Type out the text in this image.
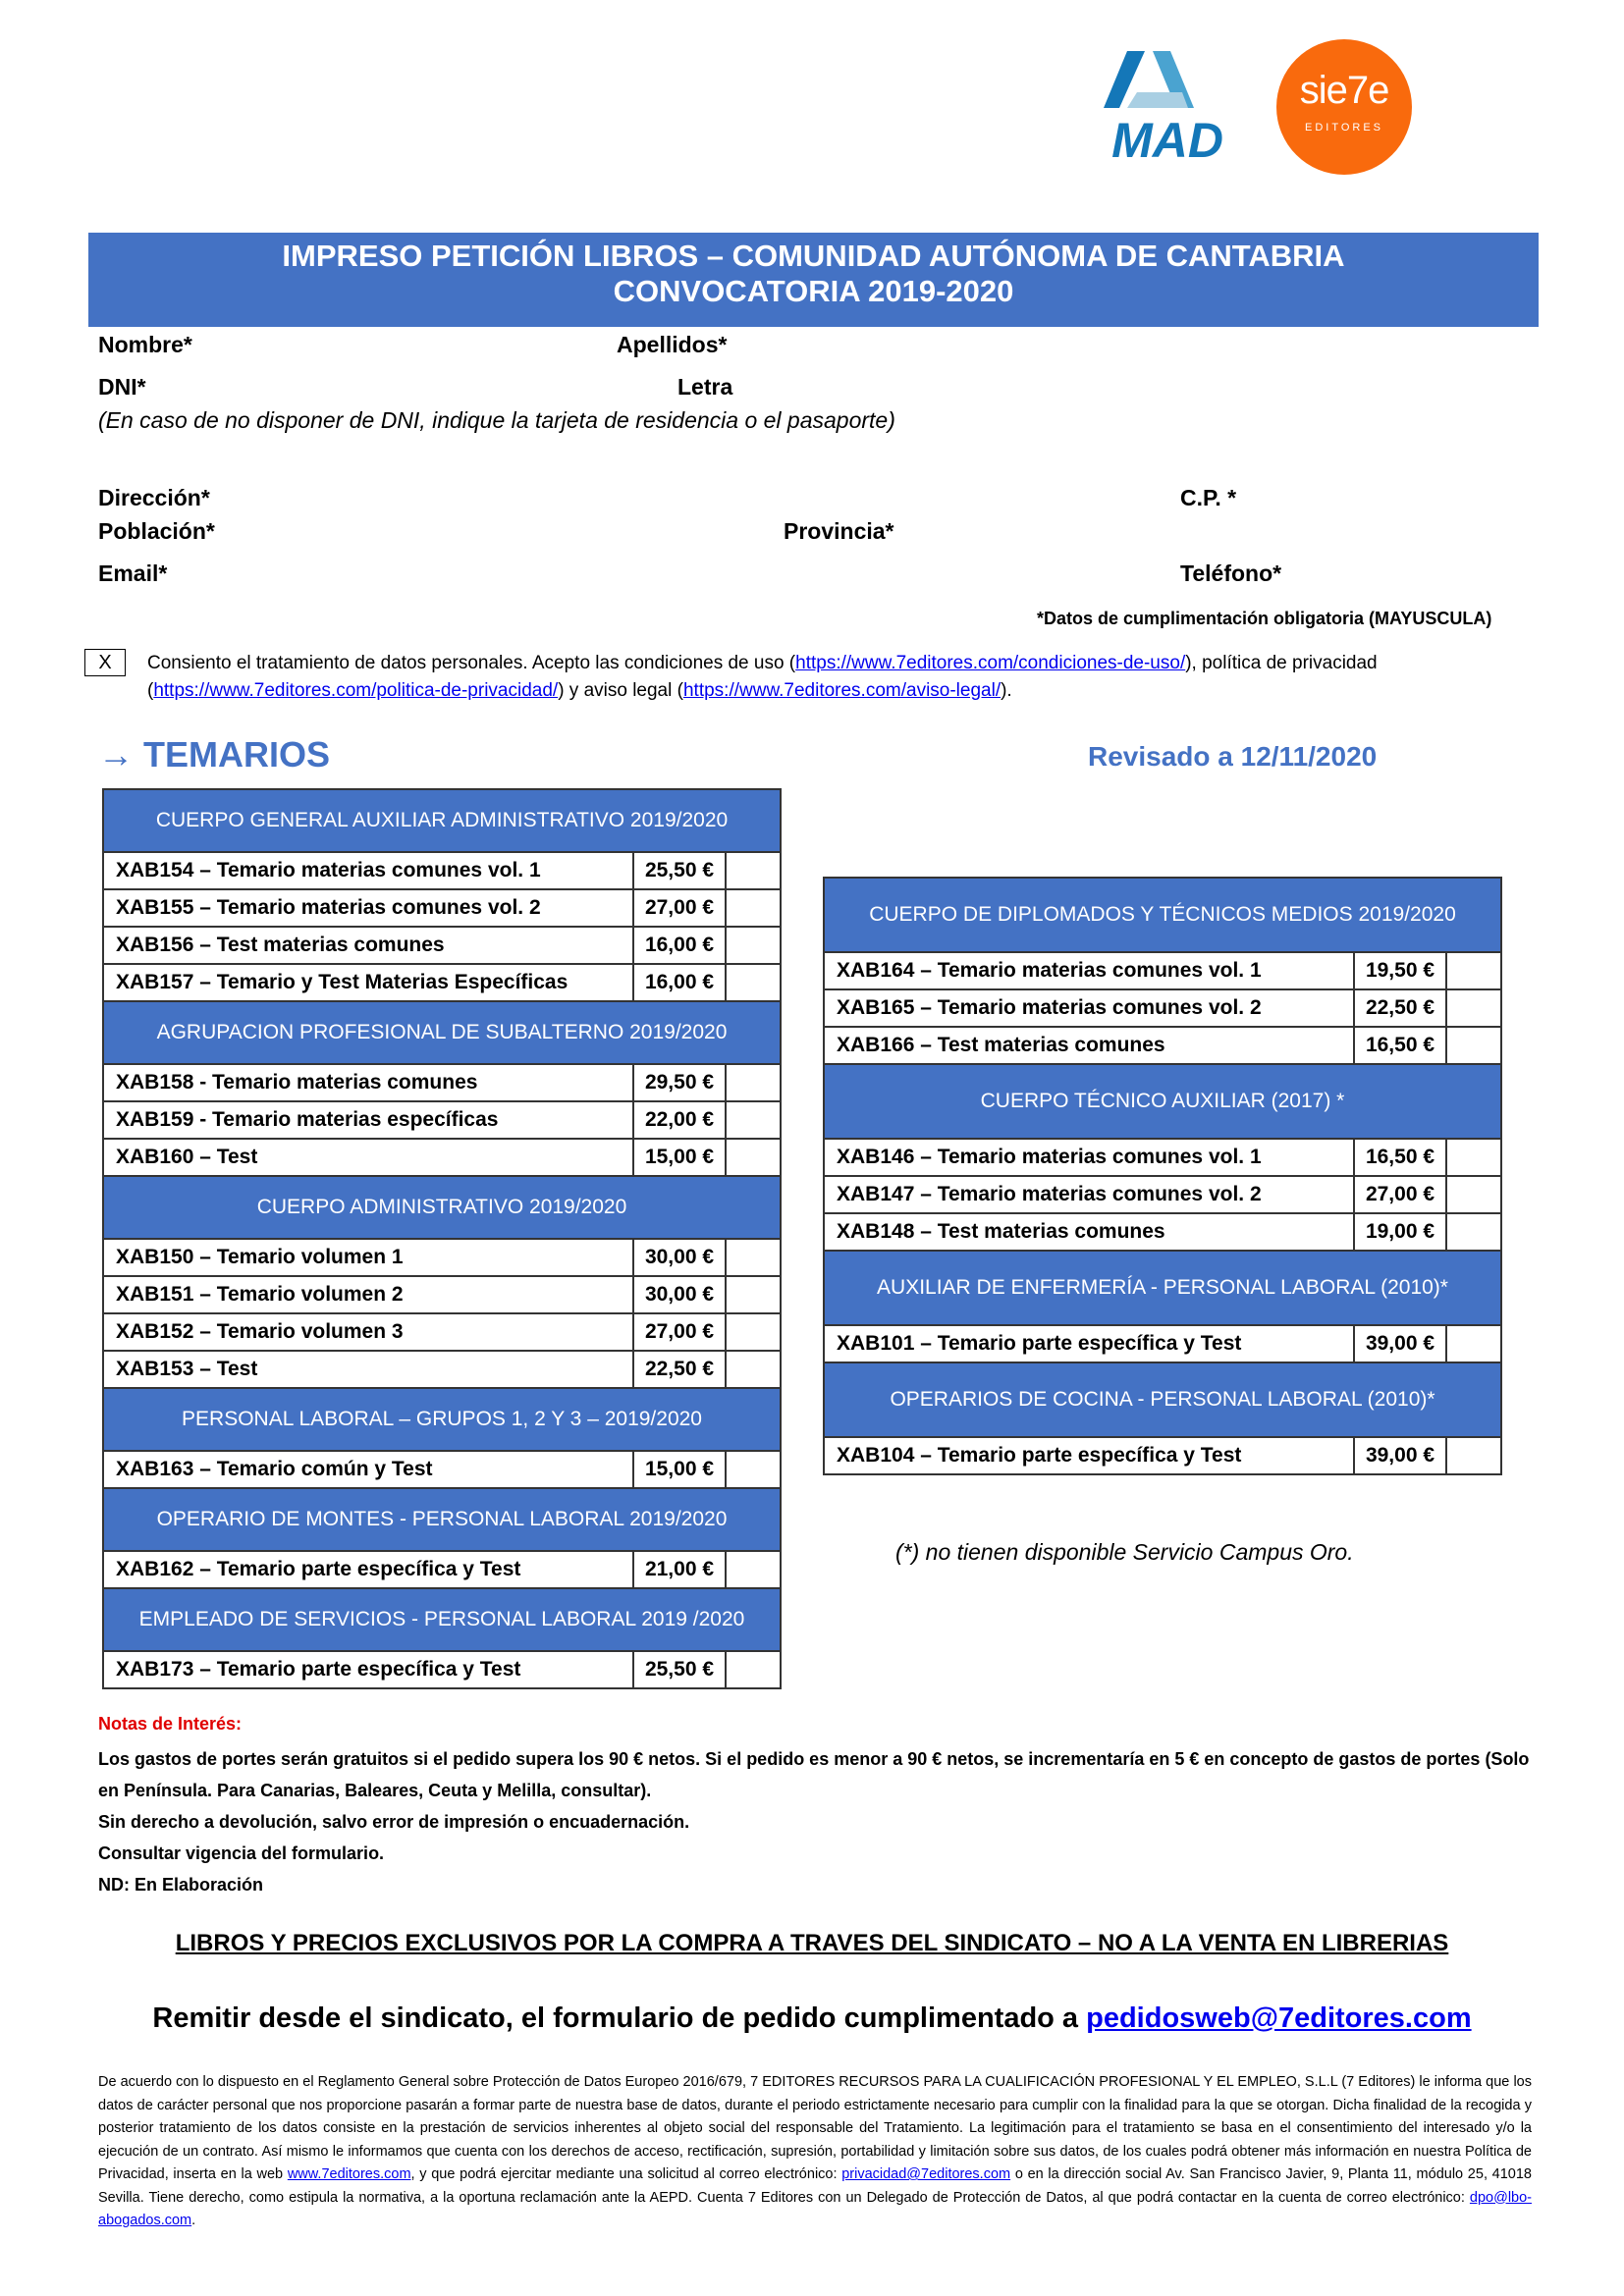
MAD
sie7e
EDITORES
IMPRESO PETICIÓN LIBROS – COMUNIDAD AUTÓNOMA DE CANTABRIA
CONVOCATORIA 2019-2020
Nombre*	Apellidos*
DNI*	Letra
(En caso de no disponer de DNI, indique la tarjeta de residencia o el pasaporte)
Dirección*	C.P. *
Población*	Provincia*
Email*	Teléfono*
*Datos de cumplimentación obligatoria (MAYUSCULA)
X	Consiento el tratamiento de datos personales. Acepto las condiciones de uso (https://www.7editores.com/condiciones-de-uso/), política de privacidad (https://www.7editores.com/politica-de-privacidad/) y aviso legal (https://www.7editores.com/aviso-legal/).
→ TEMARIOS	Revisado a 12/11/2020
CUERPO GENERAL AUXILIAR ADMINISTRATIVO 2019/2020		
XAB154 – Temario materias comunes vol. 1	25,50 €	
XAB155 – Temario materias comunes vol. 2	27,00 €	
XAB156 – Test materias comunes	16,00 €	
XAB157 – Temario y Test Materias Específicas	16,00 €	
AGRUPACION PROFESIONAL DE SUBALTERNO 2019/2020		
XAB158 - Temario materias comunes	29,50 €	
XAB159 - Temario materias específicas	22,00 €	
XAB160 – Test	15,00 €	
CUERPO ADMINISTRATIVO 2019/2020		
XAB150 – Temario volumen 1	30,00 €	
XAB151 – Temario volumen 2	30,00 €	
XAB152 – Temario volumen 3	27,00 €	
XAB153 – Test	22,50 €	
PERSONAL LABORAL – GRUPOS 1, 2 Y 3 – 2019/2020		
XAB163 – Temario común y Test	15,00 €	
OPERARIO DE MONTES - PERSONAL LABORAL 2019/2020		
XAB162 – Temario parte específica y Test	21,00 €	
EMPLEADO DE SERVICIOS - PERSONAL LABORAL 2019 /2020		
XAB173 – Temario parte específica y Test	25,50 €	
CUERPO DE DIPLOMADOS Y TÉCNICOS MEDIOS 2019/2020		
XAB164 – Temario materias comunes vol. 1	19,50 €	
XAB165 – Temario materias comunes vol. 2	22,50 €	
XAB166 – Test materias comunes	16,50 €	
CUERPO TÉCNICO AUXILIAR (2017) *		
XAB146 – Temario materias comunes vol. 1	16,50 €	
XAB147 – Temario materias comunes vol. 2	27,00 €	
XAB148 – Test materias comunes	19,00 €	
AUXILIAR DE ENFERMERÍA - PERSONAL LABORAL (2010)*		
XAB101 – Temario parte específica y Test	39,00 €	
OPERARIOS DE COCINA - PERSONAL LABORAL (2010)*		
XAB104 – Temario parte específica y Test	39,00 €	
(*) no tienen disponible Servicio Campus Oro.
Notas de Interés:
Los gastos de portes serán gratuitos si el pedido supera los 90 € netos. Si el pedido es menor a 90 € netos, se incrementaría en 5 € en concepto de gastos de portes (Solo en Península. Para Canarias, Baleares, Ceuta y Melilla, consultar).
Sin derecho a devolución, salvo error de impresión o encuadernación.
Consultar vigencia del formulario.
ND: En Elaboración
LIBROS Y PRECIOS EXCLUSIVOS POR LA COMPRA A TRAVES DEL SINDICATO – NO A LA VENTA EN LIBRERIAS
Remitir desde el sindicato, el formulario de pedido cumplimentado a pedidosweb@7editores.com
De acuerdo con lo dispuesto en el Reglamento General sobre Protección de Datos Europeo 2016/679, 7 EDITORES RECURSOS PARA LA CUALIFICACIÓN PROFESIONAL Y EL EMPLEO, S.L.L (7 Editores) le informa que los datos de carácter personal que nos proporcione pasarán a formar parte de nuestra base de datos, durante el periodo estrictamente necesario para cumplir con la finalidad para la que se otorgan. Dicha finalidad de la recogida y posterior tratamiento de los datos consiste en la prestación de servicios inherentes al objeto social del responsable del Tratamiento. La legitimación para el tratamiento se basa en el consentimiento del interesado y/o la ejecución de un contrato. Así mismo le informamos que cuenta con los derechos de acceso, rectificación, supresión, portabilidad y limitación sobre sus datos, de los cuales podrá obtener más información en nuestra Política de Privacidad, inserta en la web www.7editores.com, y que podrá ejercitar mediante una solicitud al correo electrónico: privacidad@7editores.com o en la dirección social Av. San Francisco Javier, 9, Planta 11, módulo 25, 41018 Sevilla. Tiene derecho, como estipula la normativa, a la oportuna reclamación ante la AEPD. Cuenta 7 Editores con un Delegado de Protección de Datos, al que podrá contactar en la cuenta de correo electrónico: dpo@lbo-abogados.com.
